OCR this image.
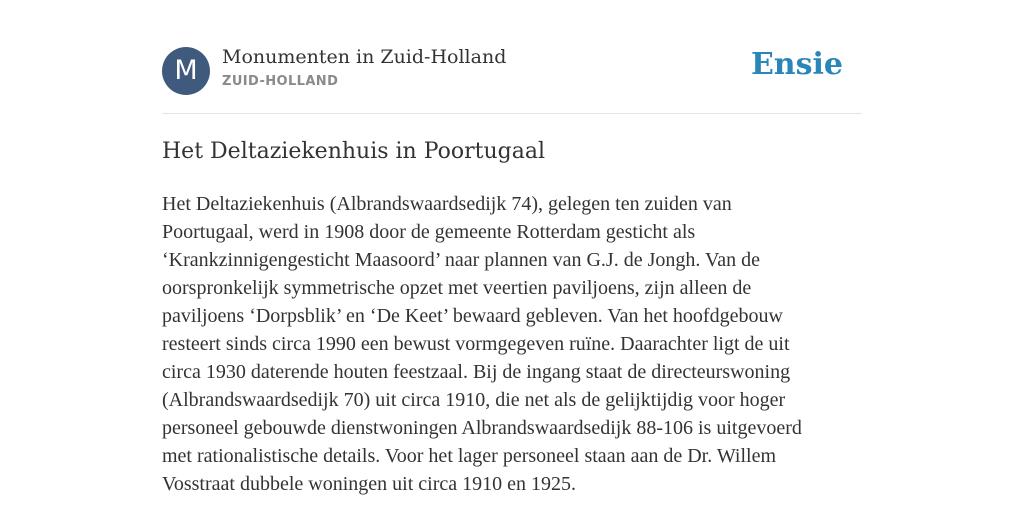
M	Monumenten in Zuid-Holland
ZUID-HOLLAND	Ensie
Het Deltaziekenhuis in Poortugaal

Het Deltaziekenhuis (Albrandswaardsedijk 74), gelegen ten zuiden van
Poortugaal, werd in 1908 door de gemeente Rotterdam gesticht als
‘Krankzinnigengesticht Maasoord’ naar plannen van G.J. de Jongh. Van de
oorspronkelijk symmetrische opzet met veertien paviljoens, zijn alleen de
paviljoens ‘Dorpsblik’ en ‘De Keet’ bewaard gebleven. Van het hoofdgebouw
resteert sinds circa 1990 een bewust vormgegeven ruïne. Daarachter ligt de uit
circa 1930 daterende houten feestzaal. Bij de ingang staat de directeurswoning
(Albrandswaardsedijk 70) uit circa 1910, die net als de gelijktijdig voor hoger
personeel gebouwde dienstwoningen Albrandswaardsedijk 88-106 is uitgevoerd
met rationalistische details. Voor het lager personeel staan aan de Dr. Willem
Vosstraat dubbele woningen uit circa 1910 en 1925.
